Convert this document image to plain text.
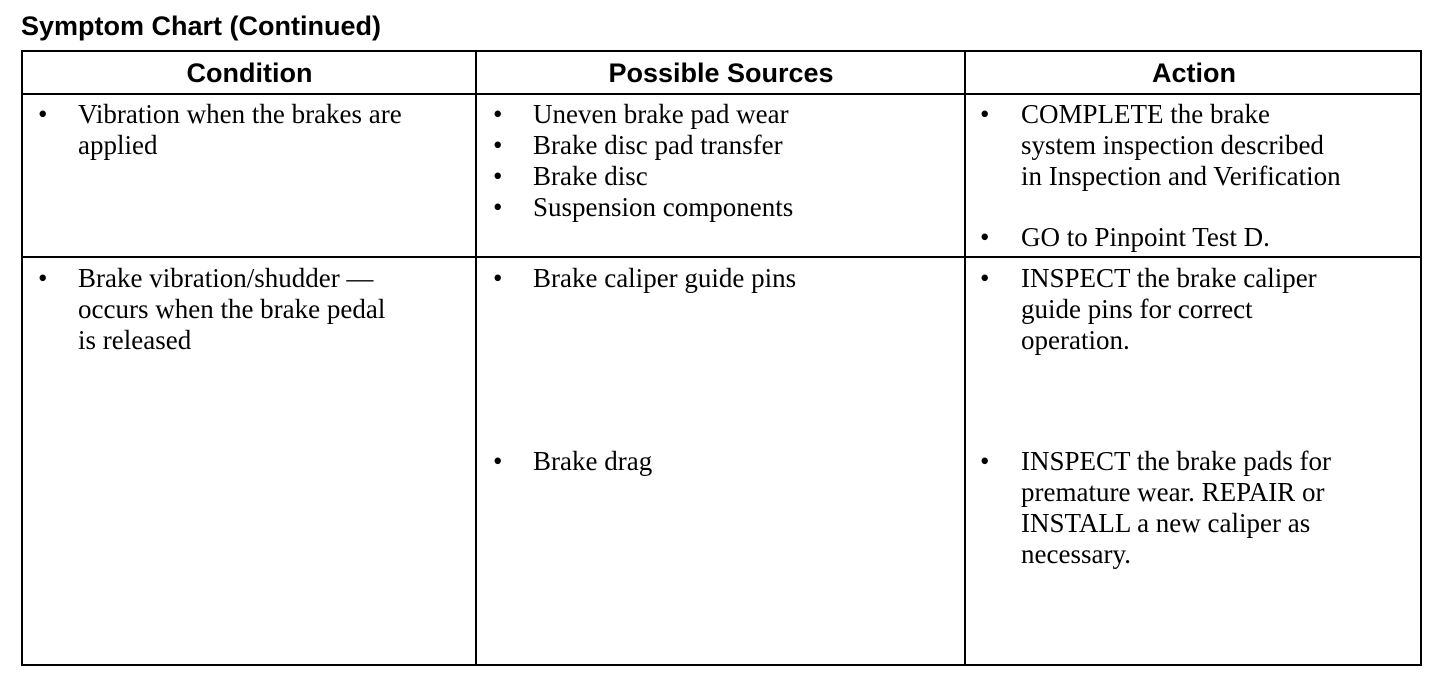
Symptom Chart (Continued)
Condition	Possible Sources	Action
• Vibration when the brakes are
applied
• Uneven brake pad wear
• Brake disc pad transfer
• Brake disc
• Suspension components
• COMPLETE the brake
system inspection described
in Inspection and Verification
• GO to Pinpoint Test D.
• Brake vibration/shudder —
occurs when the brake pedal
is released
• Brake caliper guide pins
• Brake drag
• INSPECT the brake caliper
guide pins for correct
operation.
• INSPECT the brake pads for
premature wear. REPAIR or
INSTALL a new caliper as
necessary.
